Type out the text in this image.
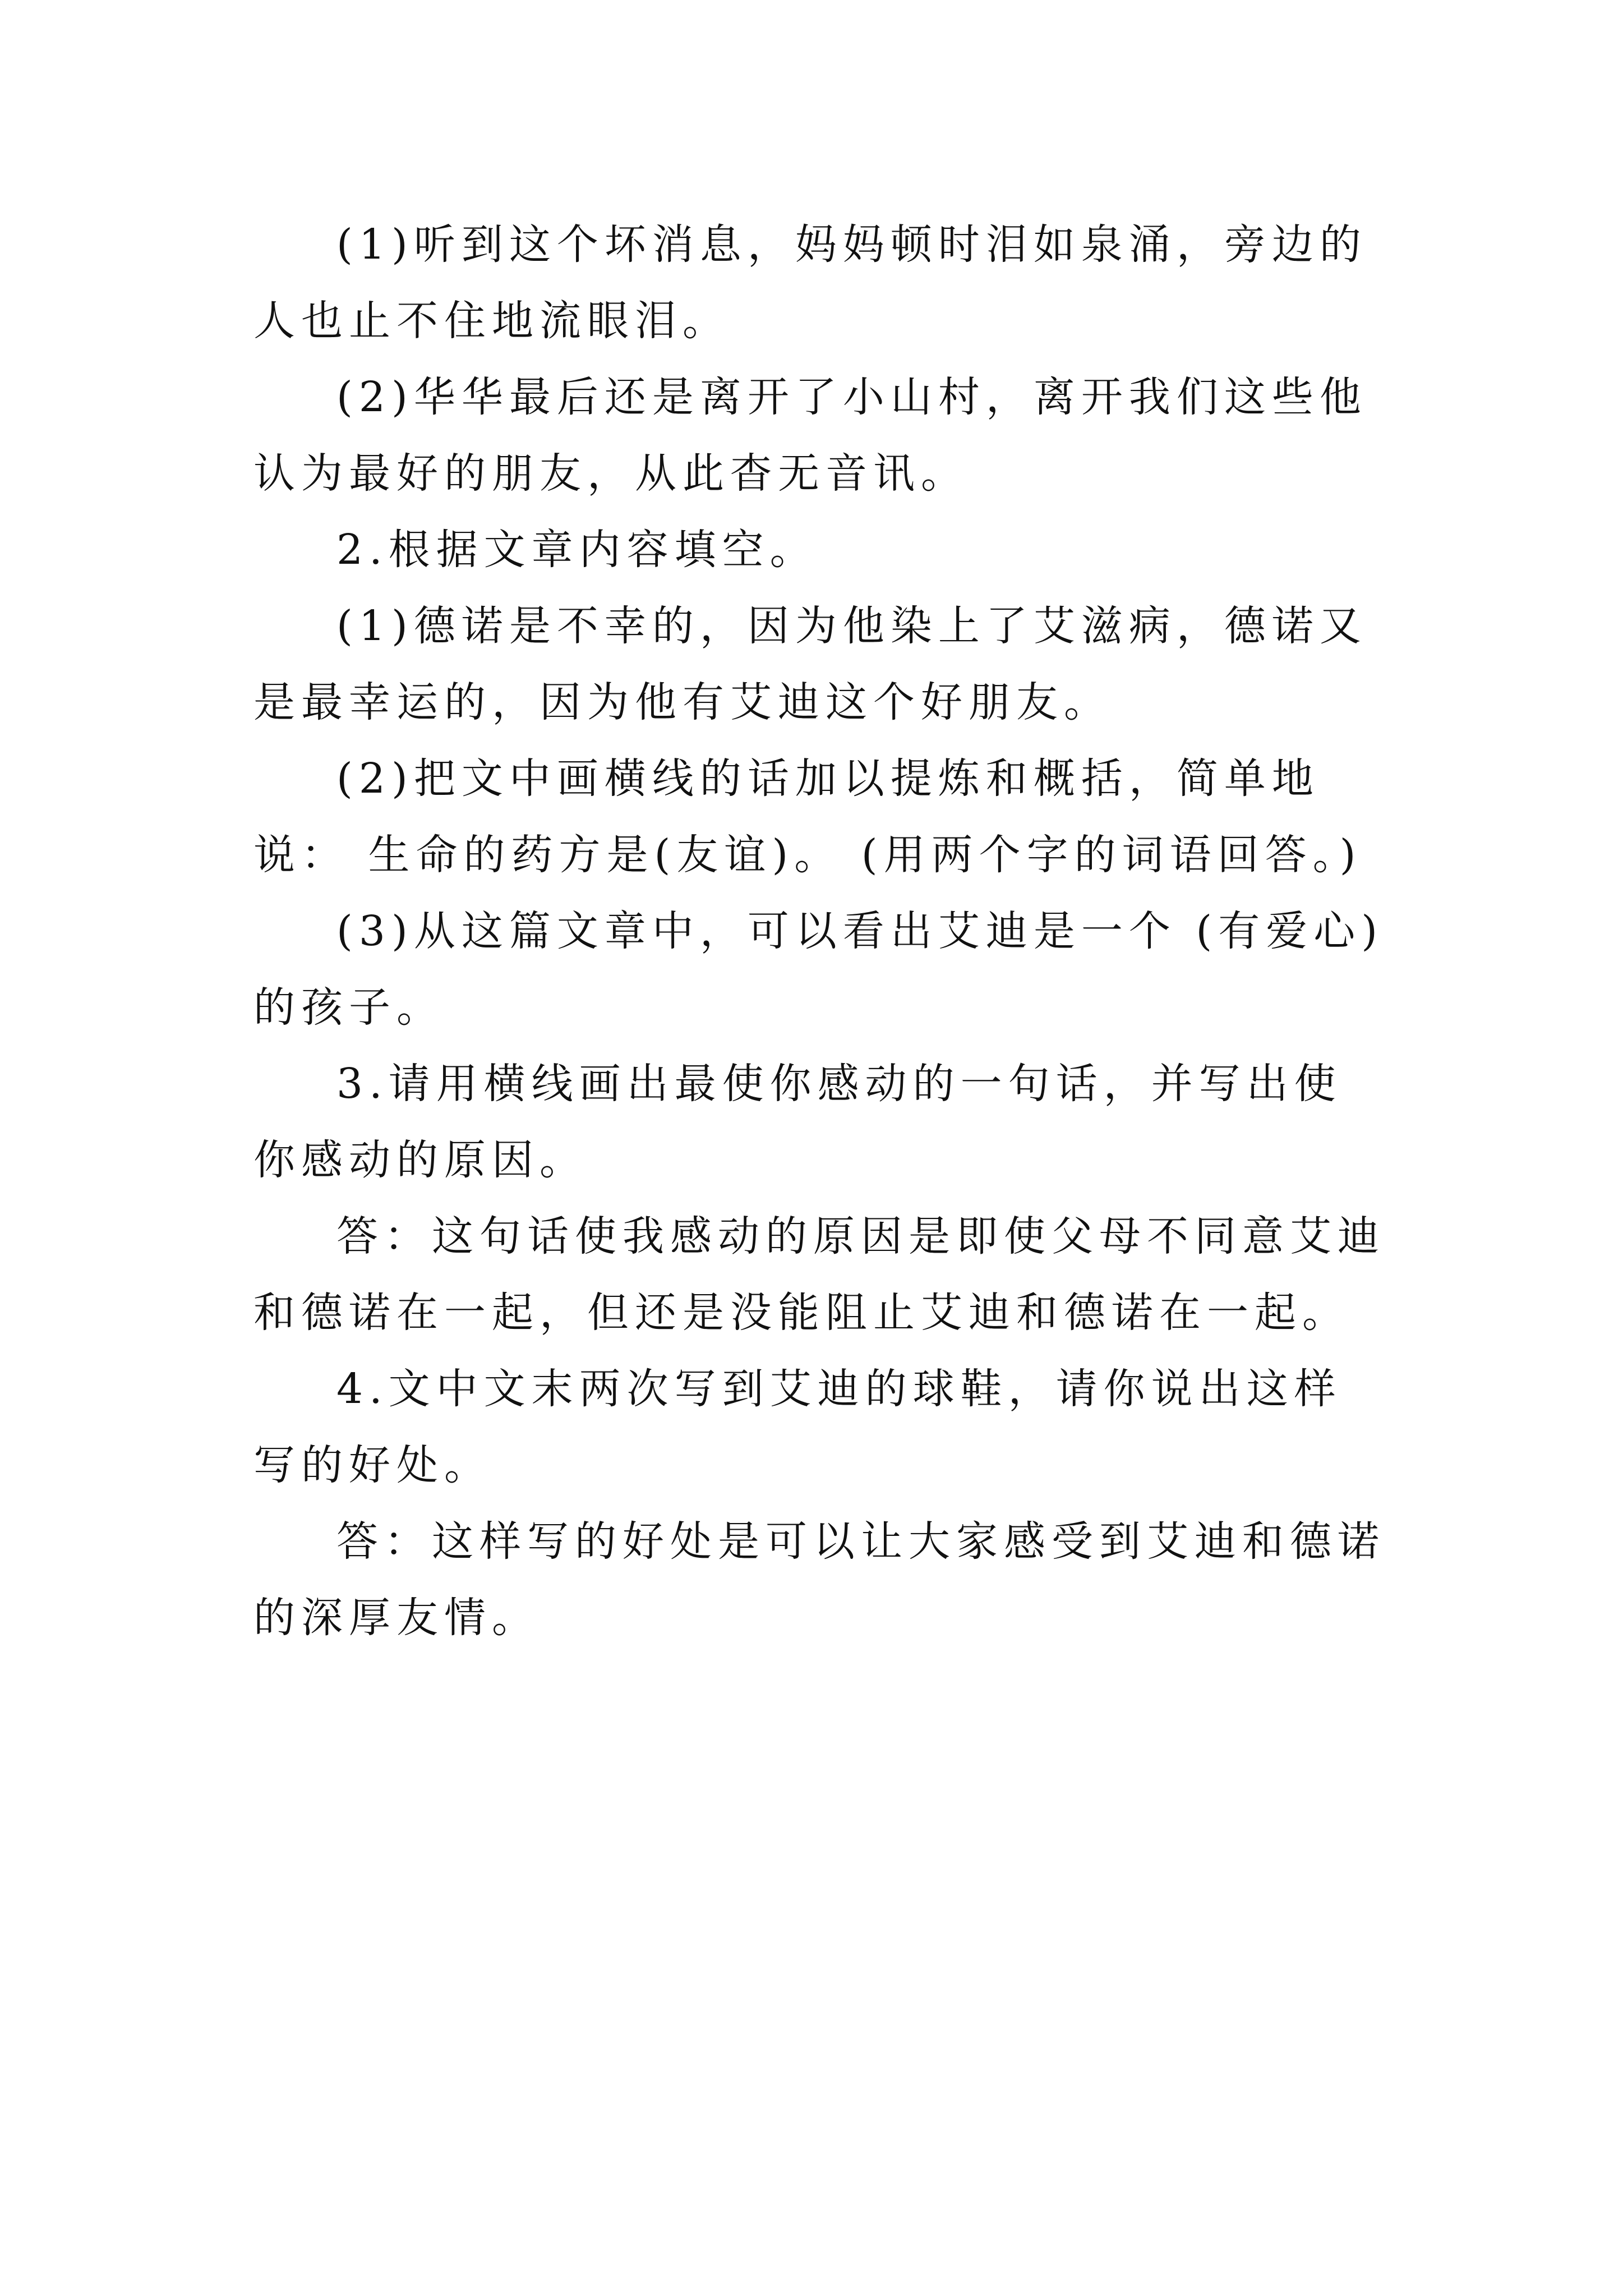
(1)听到这个坏消息，妈妈顿时泪如泉涌，旁边的人也止不住地流眼泪。

(2)华华最后还是离开了小山村，离开我们这些他认为最好的朋友，从此杳无音讯。

2.根据文章内容填空。

(1)德诺是不幸的，因为他染上了艾滋病，德诺又是最幸运的，因为他有艾迪这个好朋友。

(2)把文中画横线的话加以提炼和概括，简单地说： 生命的药方是(友谊)。 (用两个字的词语回答。)

(3)从这篇文章中，可以看出艾迪是一个 (有爱心)的孩子。

3.请用横线画出最使你感动的一句话，并写出使你感动的原因。

答：这句话使我感动的原因是即使父母不同意艾迪和德诺在一起，但还是没能阻止艾迪和德诺在一起。

4.文中文末两次写到艾迪的球鞋，请你说出这样写的好处。

答：这样写的好处是可以让大家感受到艾迪和德诺的深厚友情。
